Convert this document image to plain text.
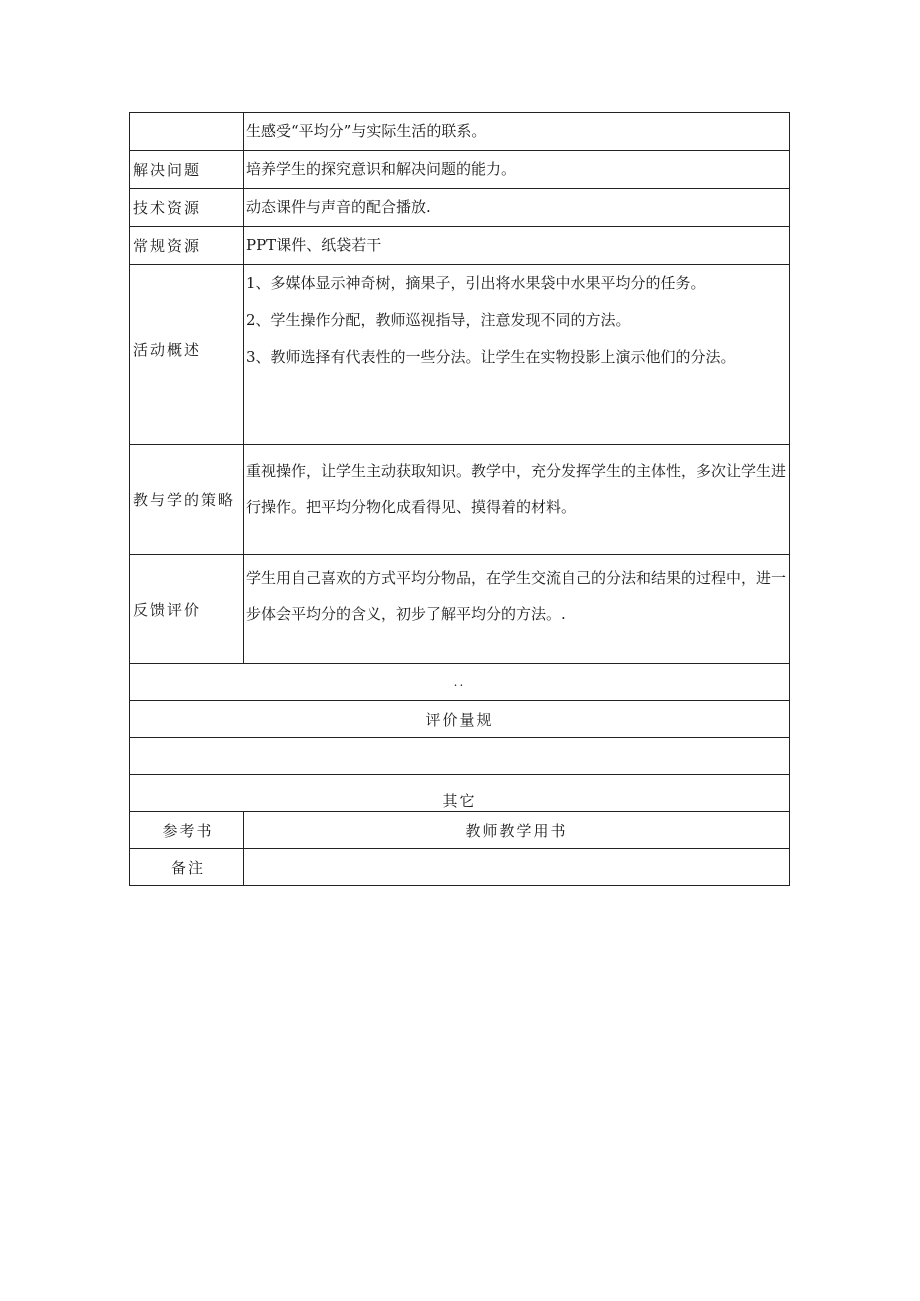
	生感受“平均分”与实际生活的联系。
解决问题	培养学生的探究意识和解决问题的能力。
技术资源	动态课件与声音的配合播放.
常规资源	PPT课件、纸袋若干
活动概述	1、多媒体显示神奇树，摘果子，引出将水果袋中水果平均分的任务。
2、学生操作分配，教师巡视指导，注意发现不同的方法。
3、教师选择有代表性的一些分法。让学生在实物投影上演示他们的分法。

教与学的策略	重视操作，让学生主动获取知识。教学中，充分发挥学生的主体性，多次让学生进行操作。把平均分物化成看得见、摸得着的材料。
反馈评价	学生用自己喜欢的方式平均分物品，在学生交流自己的分法和结果的过程中，进一步体会平均分的含义，初步了解平均分的方法。.
..	
评价量规	

其它	
参考书	教师教学用书
备注	
